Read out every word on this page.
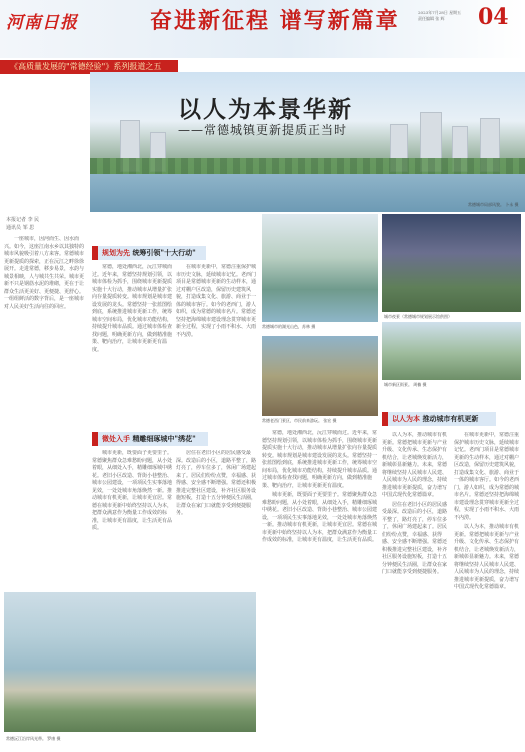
河南日报	奋进新征程 谱写新篇章	2023年7月28日 星期五
责任编辑 张 辉	04
《高质量发展的"常德经验"》系列报道之五
以人为本景华新
——常德城镇更新提质正当时
常德城市局部风貌。 卜永 摄
本报记者 李 民
通讯员 邹 思

一座城市，因河而生、因水而兴。如今，这座江南水乡以其独特的城市风貌吸引着八方来客。常德城市更新提质的探索，正在沅江之畔徐徐展开。走进常德，移步易景，水韵与城景相映，人与城共生共荣。城市更新不只是钢筋水泥的堆砌，更在于让群众生活更美好、更便捷、更舒心。一组组鲜活的数字背后，是一座城市对人民美好生活向往的回应。

规划为先 统筹引领"十大行动"

常德，地处湘西北，沅江穿城而过。近年来，常德坚持规划引领，以城市体检为抓手，围绕城市更新提质实施十大行动，推动城市从增量扩张向存量提质转变。城市规划是城市建设发展的龙头。常德坚持一张蓝图绘到底，系统推进城市更新工作，统筹城市空间布局，优化城市功能结构，持续提升城市品质。通过城市体检查找问题，明确更新方向，做到精准施策、靶向治疗，让城市更新更有温度。

在城市更新中，常德注重保护城市历史文脉，延续城市记忆。老西门项目是常德城市更新的生动样本，通过对棚户区改造，保留历史建筑风貌，打造成集文化、旅游、商业于一体的城市客厅。如今的老西门，游人如织，成为常德的城市名片。常德还坚持把海绵城市建设理念贯穿城市更新全过程，实现了小雨不积水、大雨不内涝。

常德城市的湖光山色，苏林 摄
城市夜景（常德城市规划展示馆供图）
常德老西门景区，市民前来游玩。 张宏 摄
城市新区街景。 周楠 摄
微处入手 精雕细琢城中"绣花"

城市更新，既要面子更要里子。常德聚焦群众急难愁盼问题，从小处着眼，从细处入手，精雕细琢城中绣花。老旧小区改造、背街小巷整治、城市公园建设，一项项民生实事落地见效，一处处城市角落焕然一新。推动城市有机更新，让城市更宜居。常德在城市更新中始终坚持以人为本，把群众满意作为衡量工作成效的标准，让城市更有温度，让生活更有品质。

居住在老旧小区的居民感受最深。改造后的小区，道路平整了，路灯亮了，停车位多了，休闲广场建起来了。居民们纷纷点赞，幸福感、获得感、安全感不断增强。常德还积极推进完整社区建设，补齐社区服务设施短板，打造十五分钟便民生活圈，让群众在家门口就能享受到便捷服务。

常德，地处湘西北，沅江穿城而过。近年来，常德坚持规划引领，以城市体检为抓手，围绕城市更新提质实施十大行动，推动城市从增量扩张向存量提质转变。城市规划是城市建设发展的龙头。常德坚持一张蓝图绘到底，系统推进城市更新工作，统筹城市空间布局，优化城市功能结构，持续提升城市品质。通过城市体检查找问题，明确更新方向，做到精准施策、靶向治疗，让城市更新更有温度。

城市更新，既要面子更要里子。常德聚焦群众急难愁盼问题，从小处着眼，从细处入手，精雕细琢城中绣花。老旧小区改造、背街小巷整治、城市公园建设，一项项民生实事落地见效，一处处城市角落焕然一新。推动城市有机更新，让城市更宜居。常德在城市更新中始终坚持以人为本，把群众满意作为衡量工作成效的标准，让城市更有温度，让生活更有品质。

以人为本 推动城市有机更新

以人为本，推动城市有机更新。常德把城市更新与产业升级、文化传承、生态保护有机结合，让老城焕发新活力，新城彰显新魅力。未来，常德将继续坚持人民城市人民建、人民城市为人民的理念，持续推进城市更新提质，奋力谱写中国式现代化常德篇章。

居住在老旧小区的居民感受最深。改造后的小区，道路平整了，路灯亮了，停车位多了，休闲广场建起来了。居民们纷纷点赞，幸福感、获得感、安全感不断增强。常德还积极推进完整社区建设，补齐社区服务设施短板，打造十五分钟便民生活圈，让群众在家门口就能享受到便捷服务。

在城市更新中，常德注重保护城市历史文脉，延续城市记忆。老西门项目是常德城市更新的生动样本，通过对棚户区改造，保留历史建筑风貌，打造成集文化、旅游、商业于一体的城市客厅。如今的老西门，游人如织，成为常德的城市名片。常德还坚持把海绵城市建设理念贯穿城市更新全过程，实现了小雨不积水、大雨不内涝。

以人为本，推动城市有机更新。常德把城市更新与产业升级、文化传承、生态保护有机结合，让老城焕发新活力，新城彰显新魅力。未来，常德将继续坚持人民城市人民建、人民城市为人民的理念，持续推进城市更新提质，奋力谱写中国式现代化常德篇章。

常德沅江沿岸风光带。 罗康 摄
